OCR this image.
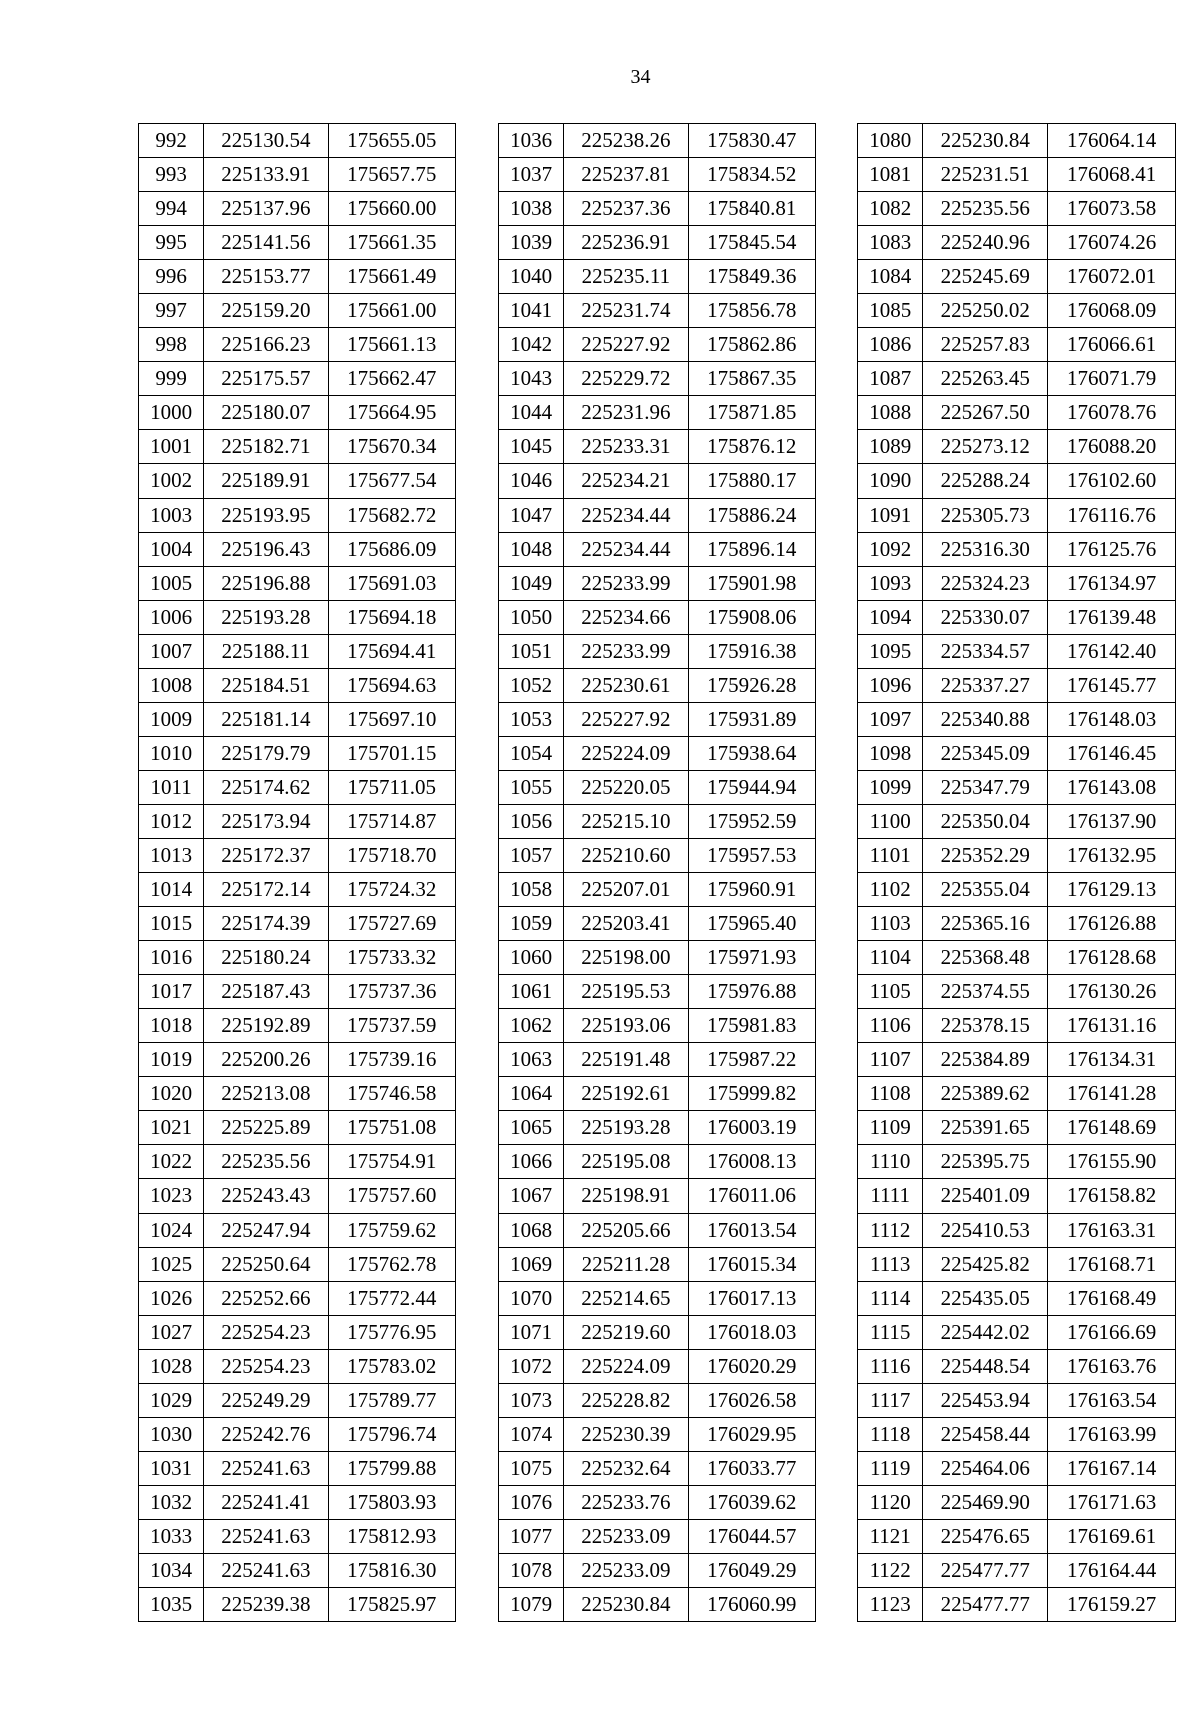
34
992	225130.54	175655.05
993	225133.91	175657.75
994	225137.96	175660.00
995	225141.56	175661.35
996	225153.77	175661.49
997	225159.20	175661.00
998	225166.23	175661.13
999	225175.57	175662.47
1000	225180.07	175664.95
1001	225182.71	175670.34
1002	225189.91	175677.54
1003	225193.95	175682.72
1004	225196.43	175686.09
1005	225196.88	175691.03
1006	225193.28	175694.18
1007	225188.11	175694.41
1008	225184.51	175694.63
1009	225181.14	175697.10
1010	225179.79	175701.15
1011	225174.62	175711.05
1012	225173.94	175714.87
1013	225172.37	175718.70
1014	225172.14	175724.32
1015	225174.39	175727.69
1016	225180.24	175733.32
1017	225187.43	175737.36
1018	225192.89	175737.59
1019	225200.26	175739.16
1020	225213.08	175746.58
1021	225225.89	175751.08
1022	225235.56	175754.91
1023	225243.43	175757.60
1024	225247.94	175759.62
1025	225250.64	175762.78
1026	225252.66	175772.44
1027	225254.23	175776.95
1028	225254.23	175783.02
1029	225249.29	175789.77
1030	225242.76	175796.74
1031	225241.63	175799.88
1032	225241.41	175803.93
1033	225241.63	175812.93
1034	225241.63	175816.30
1035	225239.38	175825.97
1036	225238.26	175830.47
1037	225237.81	175834.52
1038	225237.36	175840.81
1039	225236.91	175845.54
1040	225235.11	175849.36
1041	225231.74	175856.78
1042	225227.92	175862.86
1043	225229.72	175867.35
1044	225231.96	175871.85
1045	225233.31	175876.12
1046	225234.21	175880.17
1047	225234.44	175886.24
1048	225234.44	175896.14
1049	225233.99	175901.98
1050	225234.66	175908.06
1051	225233.99	175916.38
1052	225230.61	175926.28
1053	225227.92	175931.89
1054	225224.09	175938.64
1055	225220.05	175944.94
1056	225215.10	175952.59
1057	225210.60	175957.53
1058	225207.01	175960.91
1059	225203.41	175965.40
1060	225198.00	175971.93
1061	225195.53	175976.88
1062	225193.06	175981.83
1063	225191.48	175987.22
1064	225192.61	175999.82
1065	225193.28	176003.19
1066	225195.08	176008.13
1067	225198.91	176011.06
1068	225205.66	176013.54
1069	225211.28	176015.34
1070	225214.65	176017.13
1071	225219.60	176018.03
1072	225224.09	176020.29
1073	225228.82	176026.58
1074	225230.39	176029.95
1075	225232.64	176033.77
1076	225233.76	176039.62
1077	225233.09	176044.57
1078	225233.09	176049.29
1079	225230.84	176060.99
1080	225230.84	176064.14
1081	225231.51	176068.41
1082	225235.56	176073.58
1083	225240.96	176074.26
1084	225245.69	176072.01
1085	225250.02	176068.09
1086	225257.83	176066.61
1087	225263.45	176071.79
1088	225267.50	176078.76
1089	225273.12	176088.20
1090	225288.24	176102.60
1091	225305.73	176116.76
1092	225316.30	176125.76
1093	225324.23	176134.97
1094	225330.07	176139.48
1095	225334.57	176142.40
1096	225337.27	176145.77
1097	225340.88	176148.03
1098	225345.09	176146.45
1099	225347.79	176143.08
1100	225350.04	176137.90
1101	225352.29	176132.95
1102	225355.04	176129.13
1103	225365.16	176126.88
1104	225368.48	176128.68
1105	225374.55	176130.26
1106	225378.15	176131.16
1107	225384.89	176134.31
1108	225389.62	176141.28
1109	225391.65	176148.69
1110	225395.75	176155.90
1111	225401.09	176158.82
1112	225410.53	176163.31
1113	225425.82	176168.71
1114	225435.05	176168.49
1115	225442.02	176166.69
1116	225448.54	176163.76
1117	225453.94	176163.54
1118	225458.44	176163.99
1119	225464.06	176167.14
1120	225469.90	176171.63
1121	225476.65	176169.61
1122	225477.77	176164.44
1123	225477.77	176159.27
